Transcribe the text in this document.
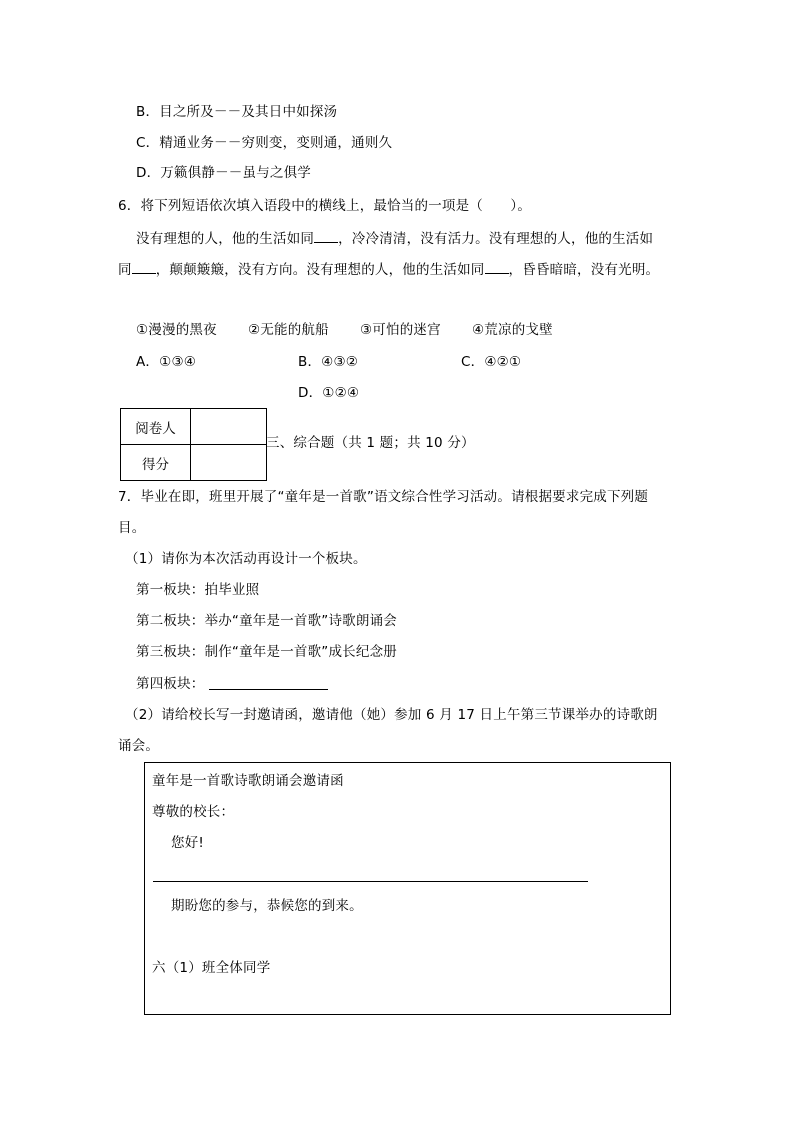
B．目之所及－－及其日中如探汤
C．精通业务－－穷则变，变则通，通则久
D．万籁俱静－－虽与之俱学
6．将下列短语依次填入语段中的横线上，最恰当的一项是（　　）。
没有理想的人，他的生活如同 ，冷冷清清，没有活力。没有理想的人，他的生活如
同 ，颠颠簸簸，没有方向。没有理想的人，他的生活如同 ，昏昏暗暗，没有光明。
①漫漫的黑夜 ②无能的航船 ③可怕的迷宫 ④荒凉的戈壁
A．①③④	B．④③②	C．④②①
D．①②④
阅卷人	
得分	
三、综合题（共 1 题；共 10 分）
7．毕业在即，班里开展了“童年是一首歌”语文综合性学习活动。请根据要求完成下列题
目。
（1）请你为本次活动再设计一个板块。
第一板块：拍毕业照
第二板块：举办“童年是一首歌”诗歌朗诵会
第三板块：制作“童年是一首歌”成长纪念册
第四板块：
（2）请给校长写一封邀请函，邀请他（她）参加 6 月 17 日上午第三节课举办的诗歌朗
诵会。
童年是一首歌诗歌朗诵会邀请函
尊敬的校长：
您好!
期盼您的参与，恭候您的到来。
六（1）班全体同学
